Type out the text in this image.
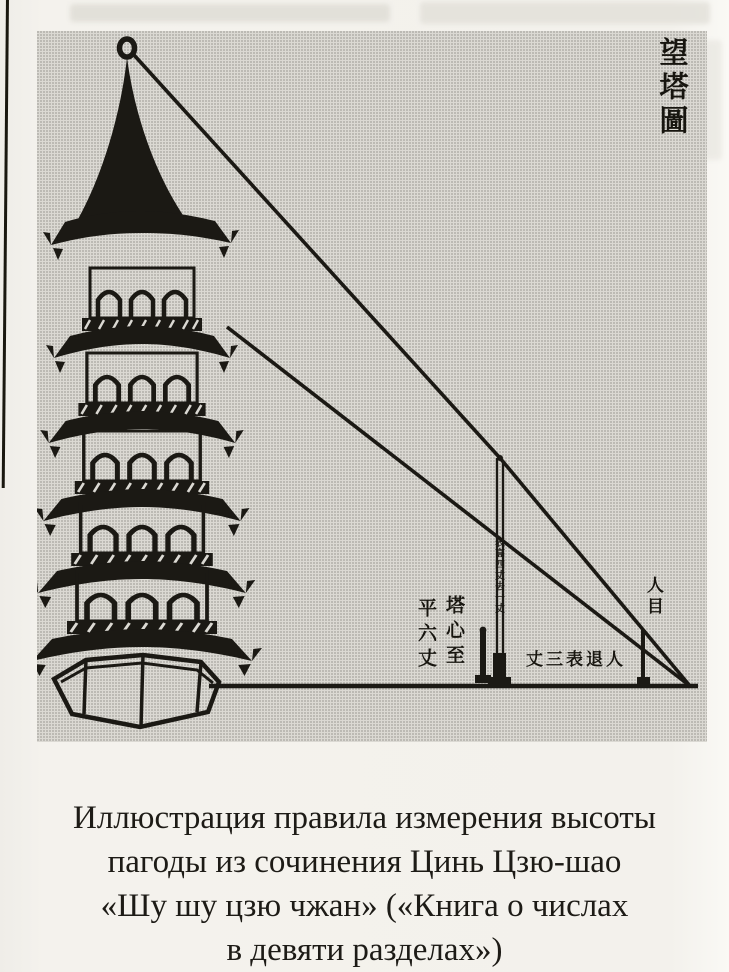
望塔圖
表高四丈去一丈
塔心至
平六丈	丈三表退人
人目
Иллюстрация правила измерения высоты
пагоды из сочинения Цинь Цзю-шао
«Шу шу цзю чжан» («Книга о числах
в девяти разделах»)
